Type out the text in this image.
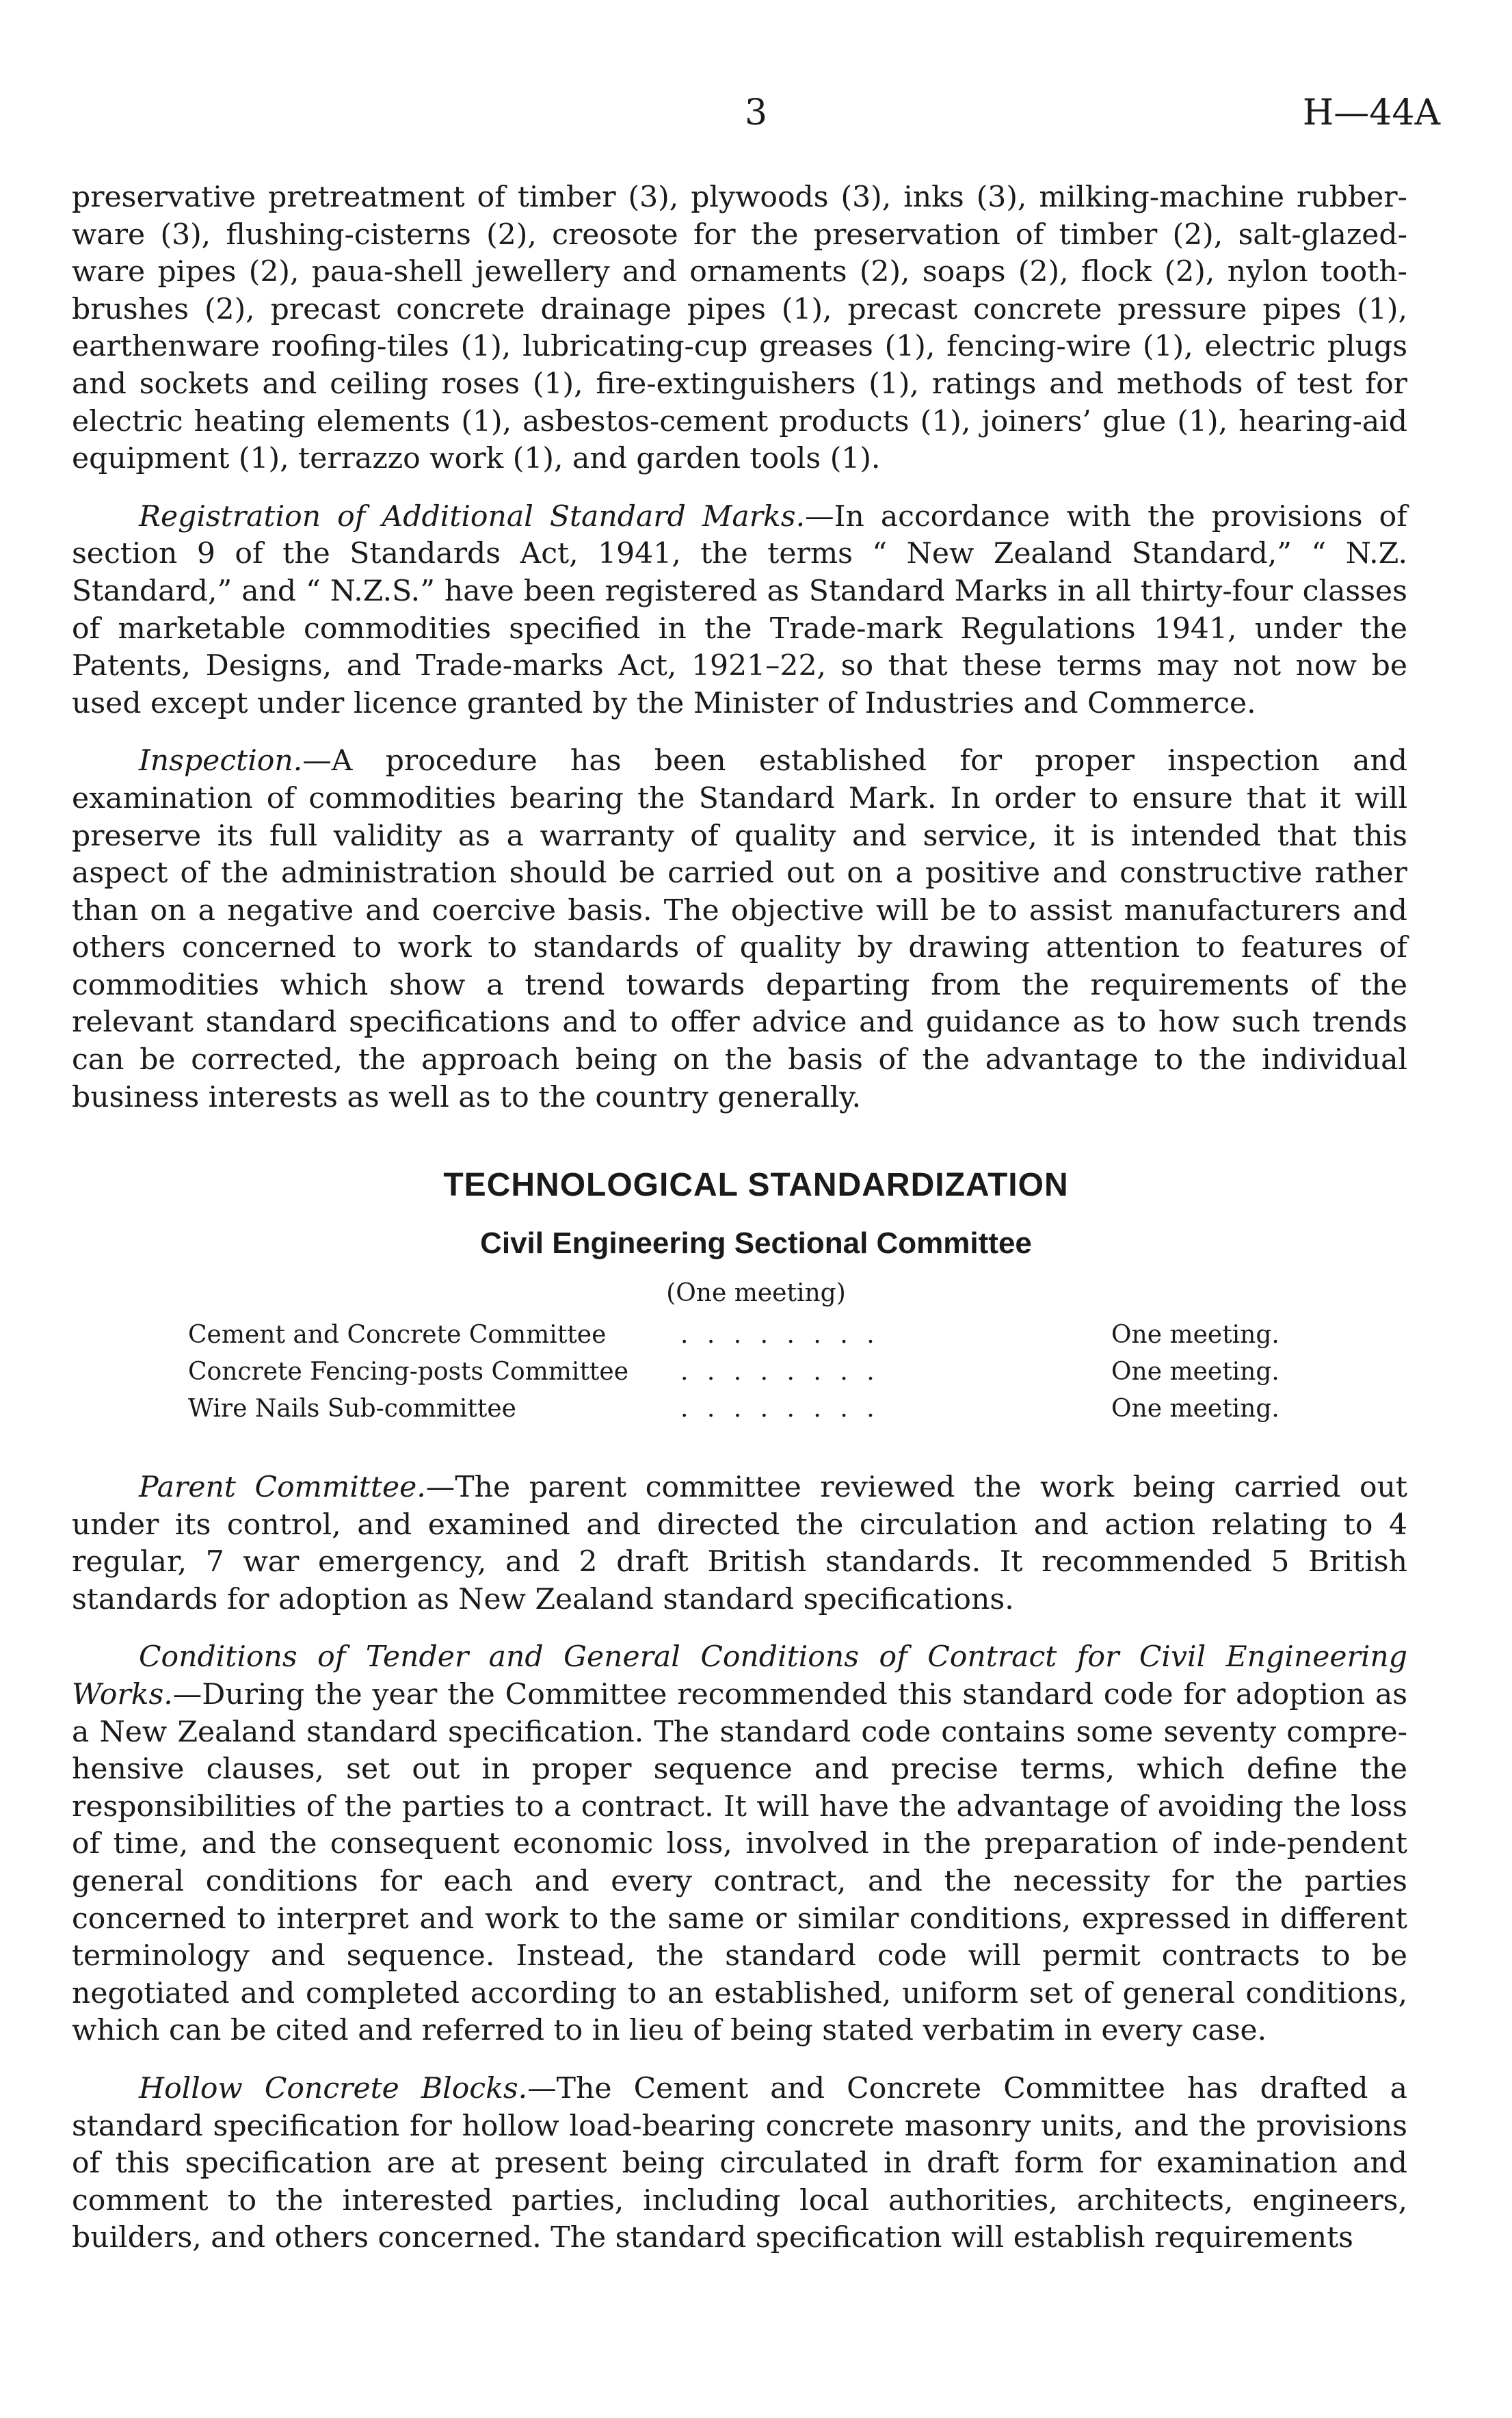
3	H—44A

preservative pretreatment of timber (3), plywoods (3), inks (3), milking-machine rubber-ware (3), flushing-cisterns (2), creosote for the preservation of timber (2), salt-glazed-ware pipes (2), paua-shell jewellery and ornaments (2), soaps (2), flock (2), nylon tooth-brushes (2), precast concrete drainage pipes (1), precast concrete pressure pipes (1), earthenware roofing-tiles (1), lubricating-cup greases (1), fencing-wire (1), electric plugs and sockets and ceiling roses (1), fire-extinguishers (1), ratings and methods of test for electric heating elements (1), asbestos-cement products (1), joiners’ glue (1), hearing-aid equipment (1), terrazzo work (1), and garden tools (1).

Registration of Additional Standard Marks.—In accordance with the provisions of section 9 of the Standards Act, 1941, the terms “ New Zealand Standard,” “ N.Z. Standard,” and “ N.Z.S.” have been registered as Standard Marks in all thirty-four classes of marketable commodities specified in the Trade-mark Regulations 1941, under the Patents, Designs, and Trade-marks Act, 1921–22, so that these terms may not now be used except under licence granted by the Minister of Industries and Commerce.

Inspection.—A procedure has been established for proper inspection and examination of commodities bearing the Standard Mark. In order to ensure that it will preserve its full validity as a warranty of quality and service, it is intended that this aspect of the administration should be carried out on a positive and constructive rather than on a negative and coercive basis. The objective will be to assist manufacturers and others concerned to work to standards of quality by drawing attention to features of commodities which show a trend towards departing from the requirements of the relevant standard specifications and to offer advice and guidance as to how such trends can be corrected, the approach being on the basis of the advantage to the individual business interests as well as to the country generally.

TECHNOLOGICAL STANDARDIZATION
Civil Engineering Sectional Committee
(One meeting)
Cement and Concrete Committee	. . . . . . . .	One meeting.
Concrete Fencing-posts Committee	. . . . . . . .	One meeting.
Wire Nails Sub-committee	. . . . . . . .	One meeting.

Parent Committee.—The parent committee reviewed the work being carried out under its control, and examined and directed the circulation and action relating to 4 regular, 7 war emergency, and 2 draft British standards. It recommended 5 British standards for adoption as New Zealand standard specifications.

Conditions of Tender and General Conditions of Contract for Civil Engineering Works.—During the year the Committee recommended this standard code for adoption as a New Zealand standard specification. The standard code contains some seventy compre-hensive clauses, set out in proper sequence and precise terms, which define the responsibilities of the parties to a contract. It will have the advantage of avoiding the loss of time, and the consequent economic loss, involved in the preparation of inde-pendent general conditions for each and every contract, and the necessity for the parties concerned to interpret and work to the same or similar conditions, expressed in different terminology and sequence. Instead, the standard code will permit contracts to be negotiated and completed according to an established, uniform set of general conditions, which can be cited and referred to in lieu of being stated verbatim in every case.

Hollow Concrete Blocks.—The Cement and Concrete Committee has drafted a standard specification for hollow load-bearing concrete masonry units, and the provisions of this specification are at present being circulated in draft form for examination and comment to the interested parties, including local authorities, architects, engineers, builders, and others concerned. The standard specification will establish requirements
